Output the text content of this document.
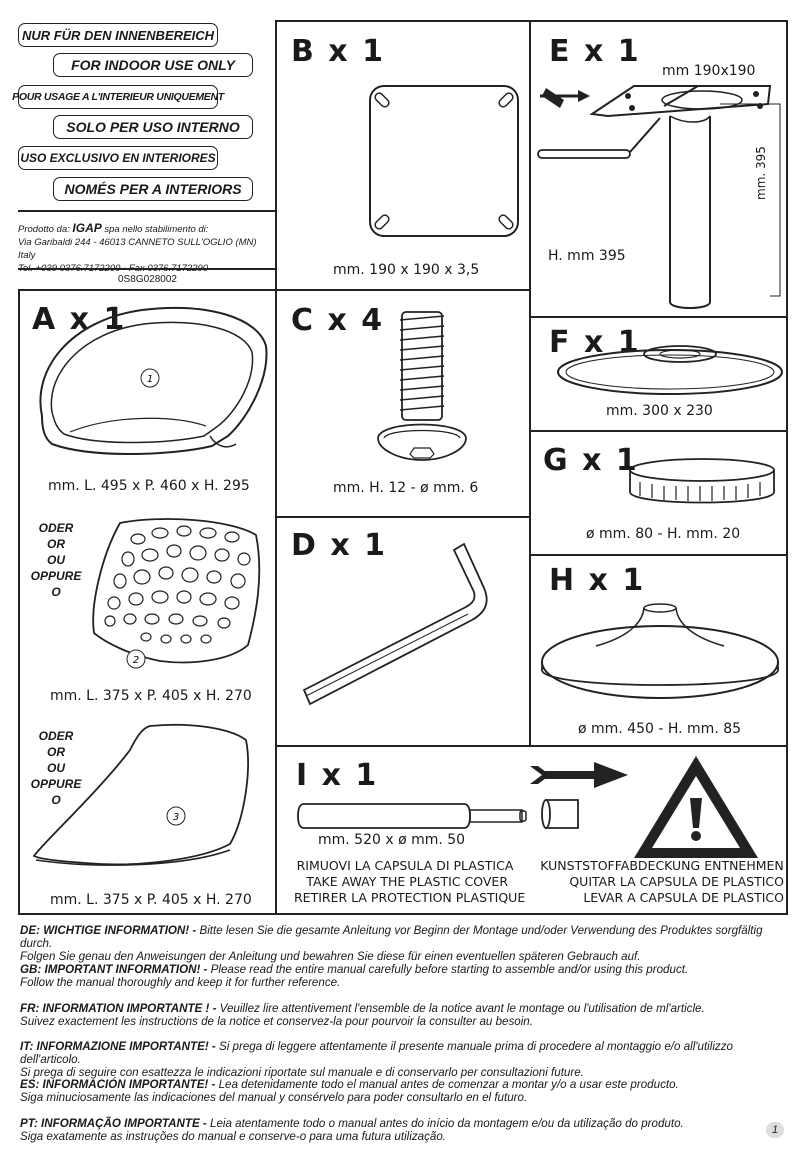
NUR FÜR DEN INNENBEREICH
FOR INDOOR USE ONLY
POUR USAGE A L'INTERIEUR UNIQUEMENT
SOLO PER USO INTERNO
USO EXCLUSIVO EN INTERIORES
NOMÉS PER A INTERIORS
Prodotto da: IGAP spa nello stabilimento di:
Via Garibaldi 244 - 46013 CANNETO SULL'OGLIO (MN) Italy
0S8G028002
A x 1
1
mm. L. 495 x P. 460 x H. 295
ODER
OR
OU
OPPURE
O
2
mm. L. 375 x P. 405 x H. 270
ODER
OR
OU
OPPURE
O
3
mm. L. 375 x P. 405 x H. 270
B x 1
mm. 190 x 190 x 3,5
C x 4
mm. H. 12 - ø mm. 6
D x 1
E x 1
mm 190x190
mm. 395
H. mm 395
F x 1
mm. 300 x 230
G x 1
ø mm. 80 - H. mm. 20
H x 1
ø mm. 450 - H. mm. 85
I x 1
mm. 520 x ø mm. 50
RIMUOVI LA CAPSULA DI PLASTICA
TAKE AWAY THE PLASTIC COVER
RETIRER LA PROTECTION PLASTIQUE
KUNSTSTOFFABDECKUNG ENTNEHMEN
QUITAR LA CAPSULA DE PLASTICO
LEVAR A CAPSULA DE PLASTICO
DE: WICHTIGE INFORMATION! - Bitte lesen Sie die gesamte Anleitung vor Beginn der Montage und/oder Verwendung des Produktes sorgfältig durch.
Folgen Sie genau den Anweisungen der Anleitung und bewahren Sie diese für einen eventuellen späteren Gebrauch auf.
GB: IMPORTANT INFORMATION! - Please read the entire manual carefully before starting to assemble and/or using this product.
Follow the manual thoroughly and keep it for further reference.
FR: INFORMATION IMPORTANTE ! - Veuillez lire attentivement l'ensemble de la notice avant le montage ou l'utilisation de ml'article.
Suivez exactement les instructions de la notice et conservez-la pour pourvoir la consulter au besoin.
IT: INFORMAZIONE IMPORTANTE! - Si prega di leggere attentamente il presente manuale prima di procedere al montaggio e/o all'utilizzo dell'articolo.
Si prega di seguire con esattezza le indicazioni riportate sul manuale e di conservarlo per consultazioni future.
ES: INFORMACIÓN IMPORTANTE! - Lea detenidamente todo el manual antes de comenzar a montar y/o a usar este producto.
Siga minuciosamente las indicaciones del manual y consérvelo para poder consultarlo en el futuro.
PT: INFORMAÇÃO IMPORTANTE - Leia atentamente todo o manual antes do início da montagem e/ou da utilização do produto.
Siga exatamente as instruções do manual e conserve-o para uma futura utilização.	1
